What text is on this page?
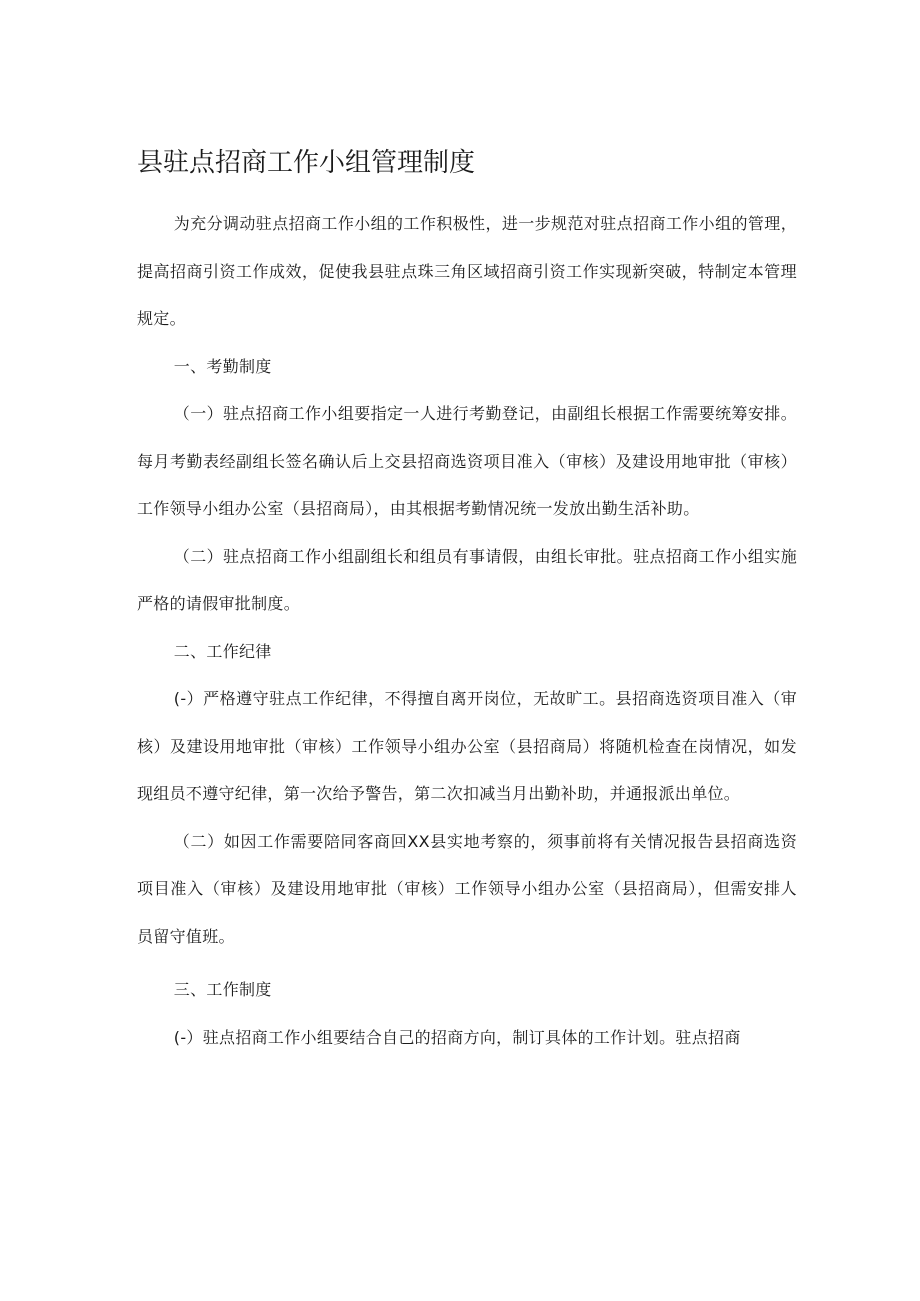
县驻点招商工作小组管理制度

为充分调动驻点招商工作小组的工作积极性，进一步规范对驻点招商工作小组的管理，提高招商引资工作成效，促使我县驻点珠三角区域招商引资工作实现新突破，特制定本管理规定。

一、考勤制度

（一）驻点招商工作小组要指定一人进行考勤登记，由副组长根据工作需要统筹安排。每月考勤表经副组长签名确认后上交县招商选资项目准入（审核）及建设用地审批（审核）工作领导小组办公室（县招商局），由其根据考勤情况统一发放出勤生活补助。

（二）驻点招商工作小组副组长和组员有事请假，由组长审批。驻点招商工作小组实施严格的请假审批制度。

二、工作纪律

(-）严格遵守驻点工作纪律，不得擅自离开岗位，无故旷工。县招商选资项目准入（审核）及建设用地审批（审核）工作领导小组办公室（县招商局）将随机检查在岗情况，如发现组员不遵守纪律，第一次给予警告，第二次扣减当月出勤补助，并通报派出单位。

（二）如因工作需要陪同客商回XX县实地考察的，须事前将有关情况报告县招商选资项目准入（审核）及建设用地审批（审核）工作领导小组办公室（县招商局），但需安排人员留守值班。

三、工作制度

(-）驻点招商工作小组要结合自己的招商方向，制订具体的工作计划。驻点招商
